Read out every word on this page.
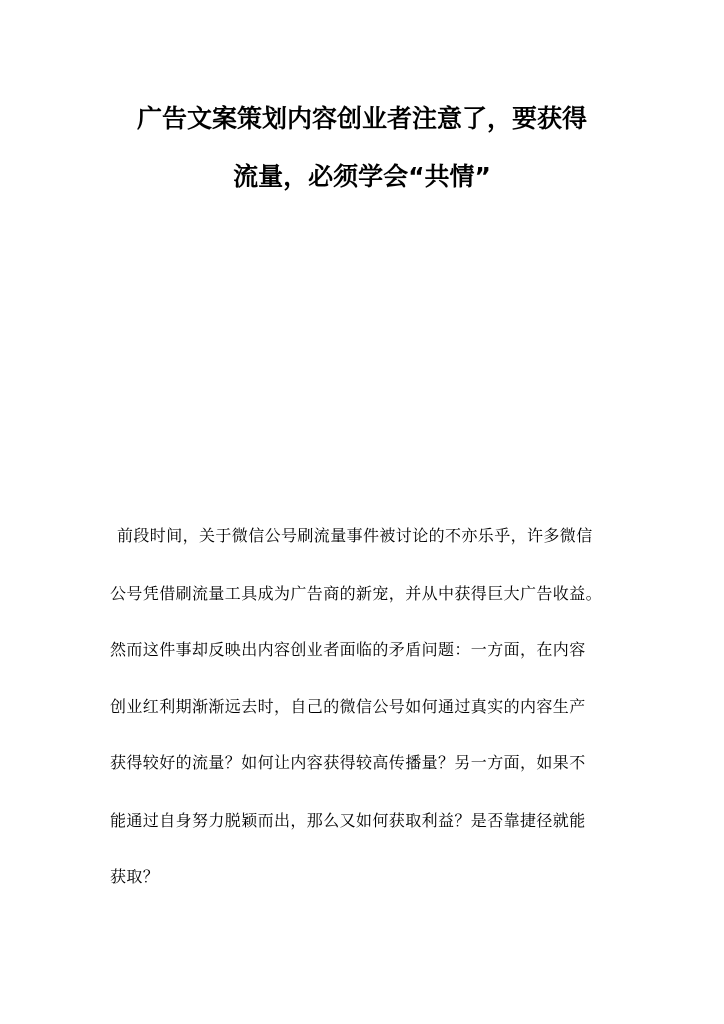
广告文案策划内容创业者注意了，要获得
流量，必须学会“共情”
前段时间，关于微信公号刷流量事件被讨论的不亦乐乎，许多微信
公号凭借刷流量工具成为广告商的新宠，并从中获得巨大广告收益。
然而这件事却反映出内容创业者面临的矛盾问题：一方面，在内容
创业红利期渐渐远去时，自己的微信公号如何通过真实的内容生产
获得较好的流量？如何让内容获得较高传播量？另一方面，如果不
能通过自身努力脱颖而出，那么又如何获取利益？是否靠捷径就能
获取？
